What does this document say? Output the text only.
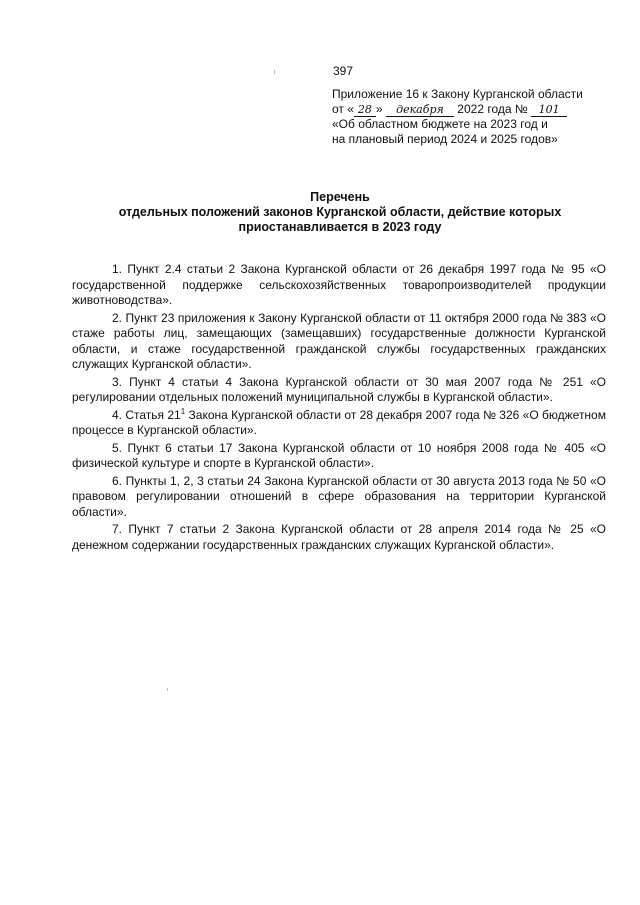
397
Приложение 16 к Закону Курганской области
от « 28 » декабря 2022 года № 101
«Об областном бюджете на 2023 год и
на плановый период 2024 и 2025 годов»
Перечень
отдельных положений законов Курганской области, действие которых
приостанавливается в 2023 году

1. Пункт 2.4 статьи 2 Закона Курганской области от 26 декабря 1997 года № 95 «О государственной поддержке сельскохозяйственных товаропроизводителей продукции животноводства».

2. Пункт 23 приложения к Закону Курганской области от 11 октября 2000 года № 383 «О стаже работы лиц, замещающих (замещавших) государственные должности Курганской области, и стаже государственной гражданской службы государственных гражданских служащих Курганской области».

3. Пункт 4 статьи 4 Закона Курганской области от 30 мая 2007 года № 251 «О регулировании отдельных положений муниципальной службы в Курганской области».

4. Статья $21^1$ Закона Курганской области от 28 декабря 2007 года № 326 «О бюджетном процессе в Курганской области».

5. Пункт 6 статьи 17 Закона Курганской области от 10 ноября 2008 года № 405 «О физической культуре и спорте в Курганской области».

6. Пункты 1, 2, 3 статьи 24 Закона Курганской области от 30 августа 2013 года № 50 «О правовом регулировании отношений в сфере образования на территории Курганской области».

7. Пункт 7 статьи 2 Закона Курганской области от 28 апреля 2014 года № 25 «О денежном содержании государственных гражданских служащих Курганской области».
